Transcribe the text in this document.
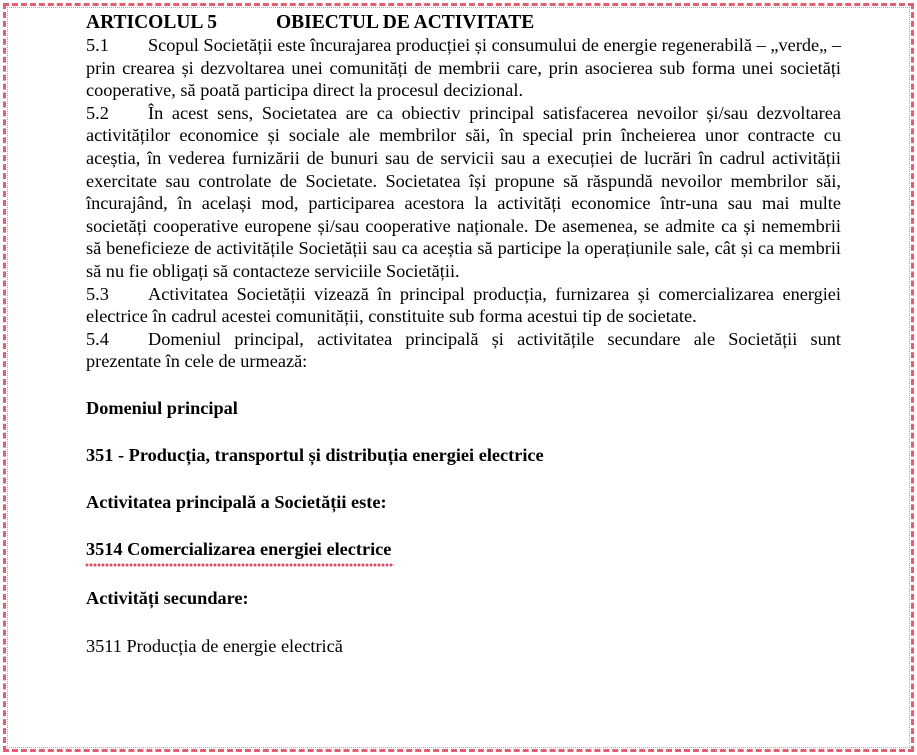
ARTICOLUL 5	OBIECTUL DE ACTIVITATE

5.1 Scopul Societății este încurajarea producției și consumului de energie regenerabilă – „verde„ – prin crearea și dezvoltarea unei comunități de membrii care, prin asocierea sub forma unei societăți cooperative, să poată participa direct la procesul decizional.

5.2 În acest sens, Societatea are ca obiectiv principal satisfacerea nevoilor și/sau dezvoltarea activităților economice și sociale ale membrilor săi, în special prin încheierea unor contracte cu aceștia, în vederea furnizării de bunuri sau de servicii sau a execuției de lucrări în cadrul activității exercitate sau controlate de Societate. Societatea își propune să răspundă nevoilor membrilor săi, încurajând, în același mod, participarea acestora la activități economice într-una sau mai multe societăți cooperative europene și/sau cooperative naționale. De asemenea, se admite ca și nemembrii să beneficieze de activitățile Societății sau ca aceștia să participe la operațiunile sale, cât și ca membrii să nu fie obligați să contacteze serviciile Societății.

5.3 Activitatea Societății vizează în principal producția, furnizarea și comercializarea energiei electrice în cadrul acestei comunității, constituite sub forma acestui tip de societate.

5.4 Domeniul principal, activitatea principală și activitățile secundare ale Societății sunt prezentate în cele de urmează:

Domeniul principal

351 - Producția, transportul și distribuția energiei electrice

Activitatea principală a Societății este:

3514 Comercializarea energiei electrice

Activități secundare:

3511 Producția de energie electrică
